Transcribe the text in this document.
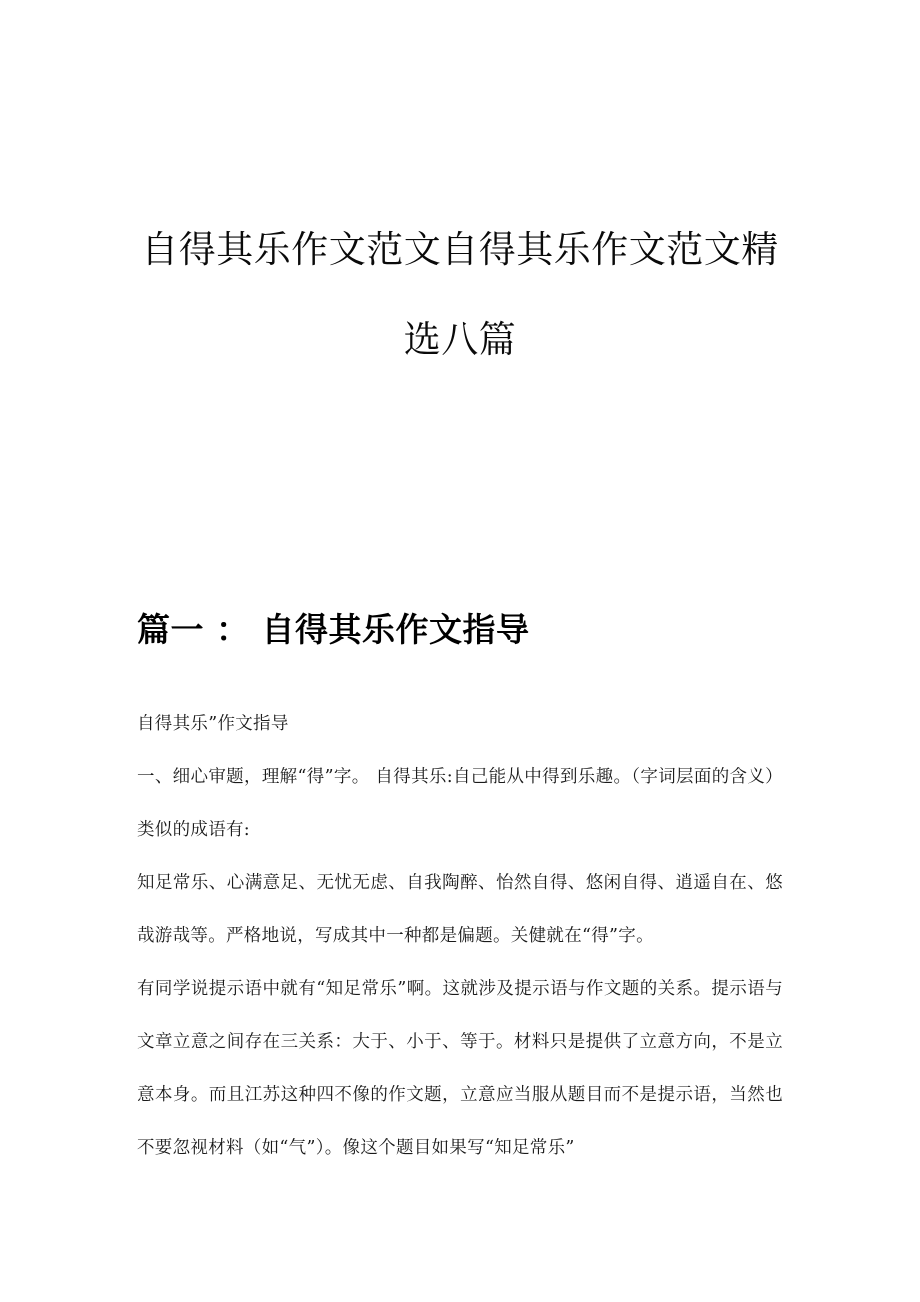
自得其乐作文范文自得其乐作文范文精选八篇
篇一 ： 自得其乐作文指导

自得其乐”作文指导

一、细心审题，理解“得”字。 自得其乐:自己能从中得到乐趣。（字词层面的含义） 类似的成语有:

知足常乐、心满意足、无忧无虑、自我陶醉、怡然自得、悠闲自得、逍遥自在、悠哉游哉等。严格地说，写成其中一种都是偏题。关健就在“得”字。

有同学说提示语中就有“知足常乐”啊。这就涉及提示语与作文题的关系。提示语与文章立意之间存在三关系：大于、小于、等于。材料只是提供了立意方向，不是立意本身。而且江苏这种四不像的作文题，立意应当服从题目而不是提示语，当然也不要忽视材料（如“气”）。像这个题目如果写“知足常乐”
